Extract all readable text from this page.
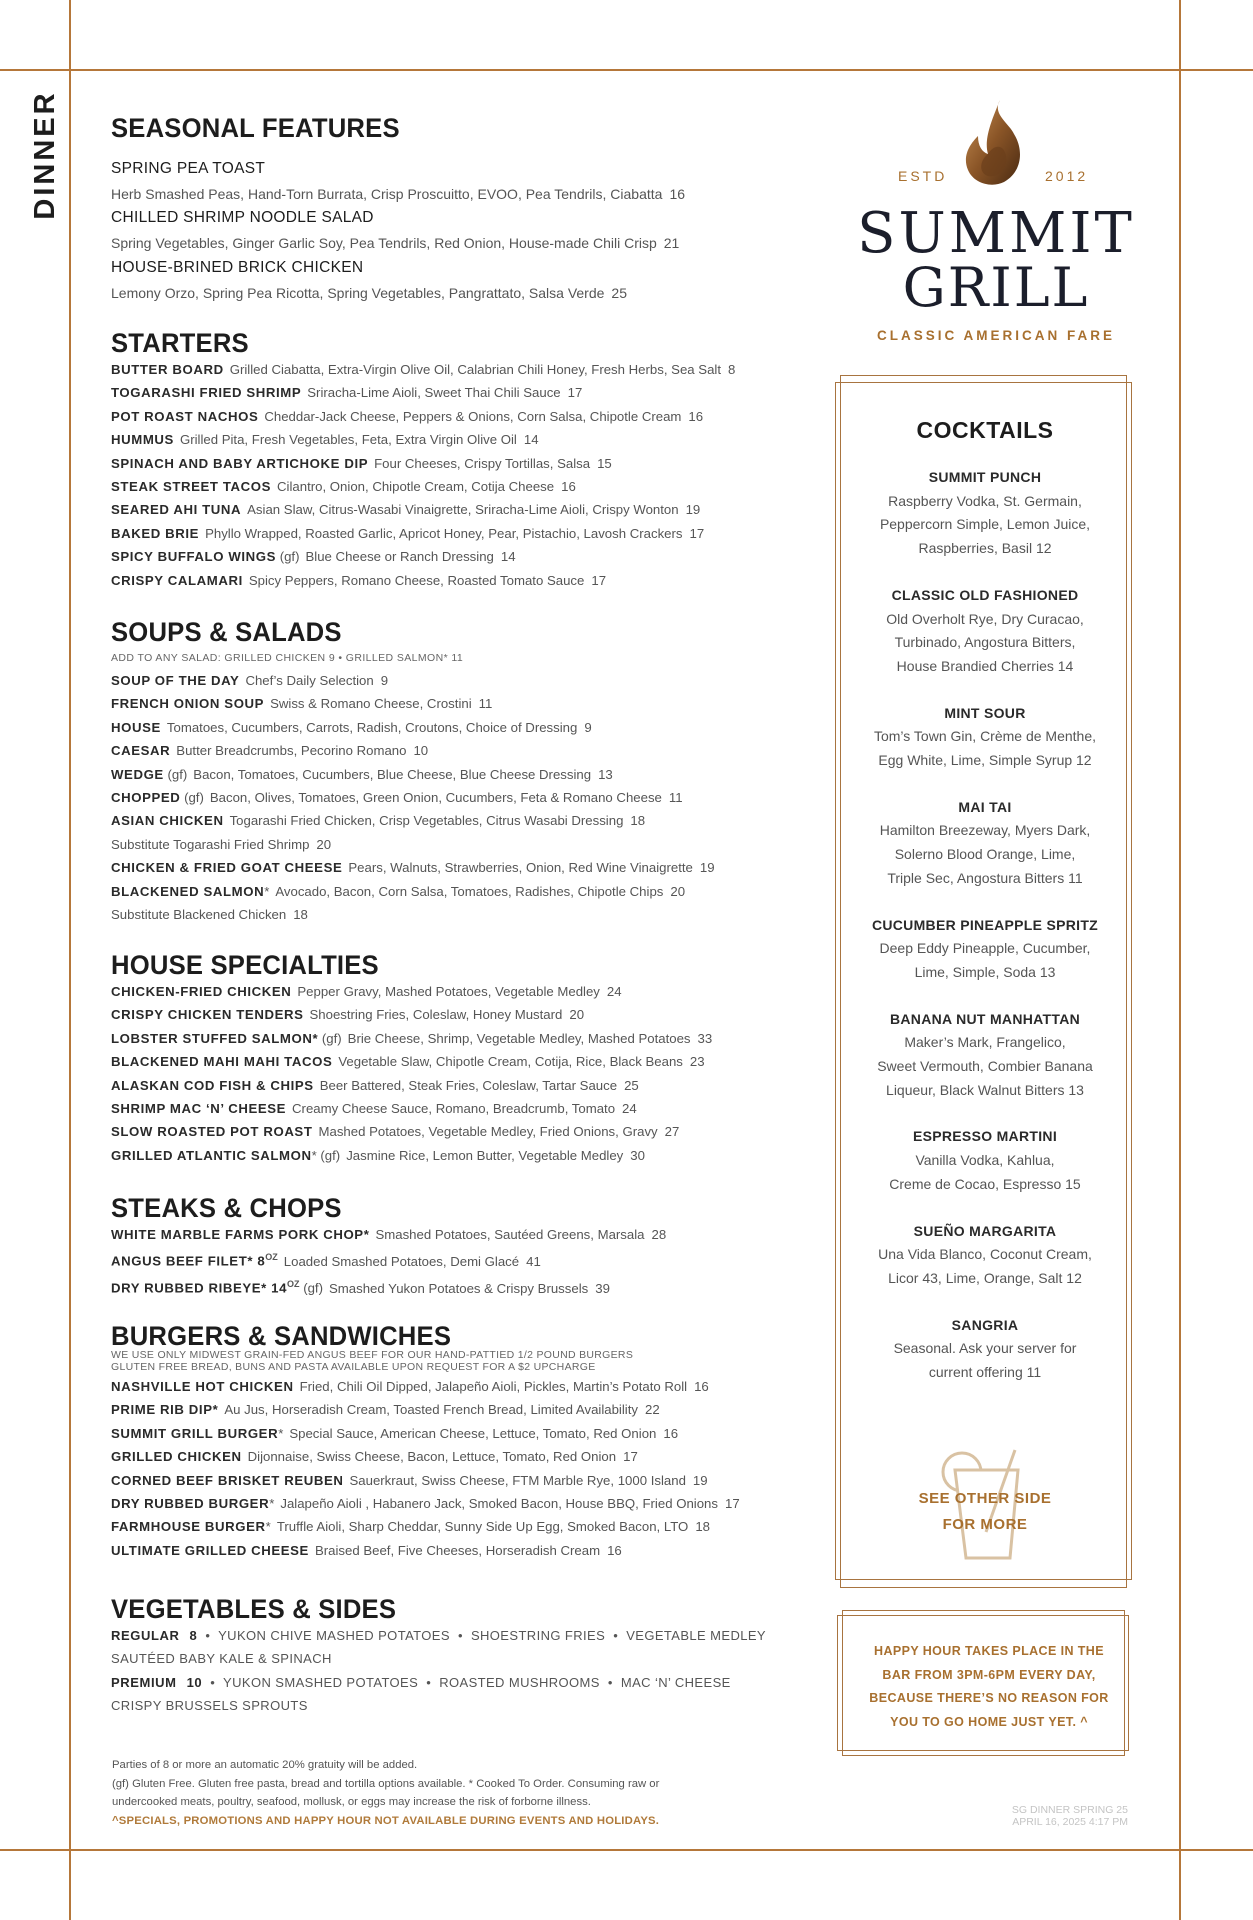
DINNER SEASONAL FEATURES
SPRING PEA TOAST
Herb Smashed Peas, Hand-Torn Burrata, Crisp Proscuitto, EVOO, Pea Tendrils, Ciabatta 16
CHILLED SHRIMP NOODLE SALAD
Spring Vegetables, Ginger Garlic Soy, Pea Tendrils, Red Onion, House-made Chili Crisp 21
HOUSE-BRINED BRICK CHICKEN
Lemony Orzo, Spring Pea Ricotta, Spring Vegetables, Pangrattato, Salsa Verde 25
STARTERS
BUTTER BOARD Grilled Ciabatta, Extra-Virgin Olive Oil, Calabrian Chili Honey, Fresh Herbs, Sea Salt 8
TOGARASHI FRIED SHRIMP Sriracha-Lime Aioli, Sweet Thai Chili Sauce 17
POT ROAST NACHOS Cheddar-Jack Cheese, Peppers & Onions, Corn Salsa, Chipotle Cream 16
HUMMUS Grilled Pita, Fresh Vegetables, Feta, Extra Virgin Olive Oil 14
SPINACH AND BABY ARTICHOKE DIP Four Cheeses, Crispy Tortillas, Salsa 15
STEAK STREET TACOS Cilantro, Onion, Chipotle Cream, Cotija Cheese 16
SEARED AHI TUNA Asian Slaw, Citrus-Wasabi Vinaigrette, Sriracha-Lime Aioli, Crispy Wonton 19
BAKED BRIE Phyllo Wrapped, Roasted Garlic, Apricot Honey, Pear, Pistachio, Lavosh Crackers 17
SPICY BUFFALO WINGS (gf) Blue Cheese or Ranch Dressing 14
CRISPY CALAMARI Spicy Peppers, Romano Cheese, Roasted Tomato Sauce 17
SOUPS & SALADS
ADD TO ANY SALAD: GRILLED CHICKEN 9 • GRILLED SALMON* 11
SOUP OF THE DAY Chef’s Daily Selection 9
FRENCH ONION SOUP Swiss & Romano Cheese, Crostini 11
HOUSE Tomatoes, Cucumbers, Carrots, Radish, Croutons, Choice of Dressing 9
CAESAR Butter Breadcrumbs, Pecorino Romano 10
WEDGE (gf) Bacon, Tomatoes, Cucumbers, Blue Cheese, Blue Cheese Dressing 13
CHOPPED (gf) Bacon, Olives, Tomatoes, Green Onion, Cucumbers, Feta & Romano Cheese 11
ASIAN CHICKEN Togarashi Fried Chicken, Crisp Vegetables, Citrus Wasabi Dressing 18
Substitute Togarashi Fried Shrimp 20
CHICKEN & FRIED GOAT CHEESE Pears, Walnuts, Strawberries, Onion, Red Wine Vinaigrette 19
BLACKENED SALMON* Avocado, Bacon, Corn Salsa, Tomatoes, Radishes, Chipotle Chips 20
Substitute Blackened Chicken 18
HOUSE SPECIALTIES
CHICKEN-FRIED CHICKEN Pepper Gravy, Mashed Potatoes, Vegetable Medley 24
CRISPY CHICKEN TENDERS Shoestring Fries, Coleslaw, Honey Mustard 20
LOBSTER STUFFED SALMON* (gf) Brie Cheese, Shrimp, Vegetable Medley, Mashed Potatoes 33
BLACKENED MAHI MAHI TACOS Vegetable Slaw, Chipotle Cream, Cotija, Rice, Black Beans 23
ALASKAN COD FISH & CHIPS Beer Battered, Steak Fries, Coleslaw, Tartar Sauce 25
SHRIMP MAC ‘N’ CHEESE Creamy Cheese Sauce, Romano, Breadcrumb, Tomato 24
SLOW ROASTED POT ROAST Mashed Potatoes, Vegetable Medley, Fried Onions, Gravy 27
GRILLED ATLANTIC SALMON* (gf) Jasmine Rice, Lemon Butter, Vegetable Medley 30
STEAKS & CHOPS
WHITE MARBLE FARMS PORK CHOP* Smashed Potatoes, Sautéed Greens, Marsala 28
ANGUS BEEF FILET* $8^{OZ}$ Loaded Smashed Potatoes, Demi Glacé 41
DRY RUBBED RIBEYE* $14^{OZ}$ (gf) Smashed Yukon Potatoes & Crispy Brussels 39
BURGERS & SANDWICHES
WE USE ONLY MIDWEST GRAIN-FED ANGUS BEEF FOR OUR HAND-PATTIED 1/2 POUND BURGERS
GLUTEN FREE BREAD, BUNS AND PASTA AVAILABLE UPON REQUEST FOR A $2 UPCHARGE
NASHVILLE HOT CHICKEN Fried, Chili Oil Dipped, Jalapeño Aioli, Pickles, Martin’s Potato Roll 16
PRIME RIB DIP* Au Jus, Horseradish Cream, Toasted French Bread, Limited Availability 22
SUMMIT GRILL BURGER* Special Sauce, American Cheese, Lettuce, Tomato, Red Onion 16
GRILLED CHICKEN Dijonnaise, Swiss Cheese, Bacon, Lettuce, Tomato, Red Onion 17
CORNED BEEF BRISKET REUBEN Sauerkraut, Swiss Cheese, FTM Marble Rye, 1000 Island 19
DRY RUBBED BURGER* Jalapeño Aioli , Habanero Jack, Smoked Bacon, House BBQ, Fried Onions 17
FARMHOUSE BURGER* Truffle Aioli, Sharp Cheddar, Sunny Side Up Egg, Smoked Bacon, LTO 18
ULTIMATE GRILLED CHEESE Braised Beef, Five Cheeses, Horseradish Cream 16
VEGETABLES & SIDES
REGULAR 8  •  YUKON CHIVE MASHED POTATOES  •  SHOESTRING FRIES  •  VEGETABLE MEDLEY
SAUTÉED BABY KALE & SPINACH
PREMIUM 10  •  YUKON SMASHED POTATOES  •  ROASTED MUSHROOMS  •  MAC ‘N’ CHEESE
CRISPY BRUSSELS SPROUTS
Parties of 8 or more an automatic 20% gratuity will be added.
(gf) Gluten Free. Gluten free pasta, bread and tortilla options available. * Cooked To Order. Consuming raw or
undercooked meats, poultry, seafood, mollusk, or eggs may increase the risk of forborne illness.
^SPECIALS, PROMOTIONS AND HAPPY HOUR NOT AVAILABLE DURING EVENTS AND HOLIDAYS.
ESTD	2012
SUMMIT
GRILL
CLASSIC AMERICAN FARE
COCKTAILS
SUMMIT PUNCH
Raspberry Vodka, St. Germain,
Peppercorn Simple, Lemon Juice,
Raspberries, Basil 12
CLASSIC OLD FASHIONED
Old Overholt Rye, Dry Curacao,
Turbinado, Angostura Bitters,
House Brandied Cherries 14
MINT SOUR
Tom’s Town Gin, Crème de Menthe,
Egg White, Lime, Simple Syrup 12
MAI TAI
Hamilton Breezeway, Myers Dark,
Solerno Blood Orange, Lime,
Triple Sec, Angostura Bitters 11
CUCUMBER PINEAPPLE SPRITZ
Deep Eddy Pineapple, Cucumber,
Lime, Simple, Soda 13
BANANA NUT MANHATTAN
Maker’s Mark, Frangelico,
Sweet Vermouth, Combier Banana
Liqueur, Black Walnut Bitters 13
ESPRESSO MARTINI
Vanilla Vodka, Kahlua,
Creme de Cocao, Espresso 15
SUEÑO MARGARITA
Una Vida Blanco, Coconut Cream,
Licor 43, Lime, Orange, Salt 12
SANGRIA
Seasonal. Ask your server for
current offering 11
SEE OTHER SIDE
FOR MORE
HAPPY HOUR TAKES PLACE IN THE
BAR FROM 3PM-6PM EVERY DAY,
BECAUSE THERE’S NO REASON FOR
YOU TO GO HOME JUST YET. ^
SG DINNER SPRING 25
APRIL 16, 2025 4:17 PM
